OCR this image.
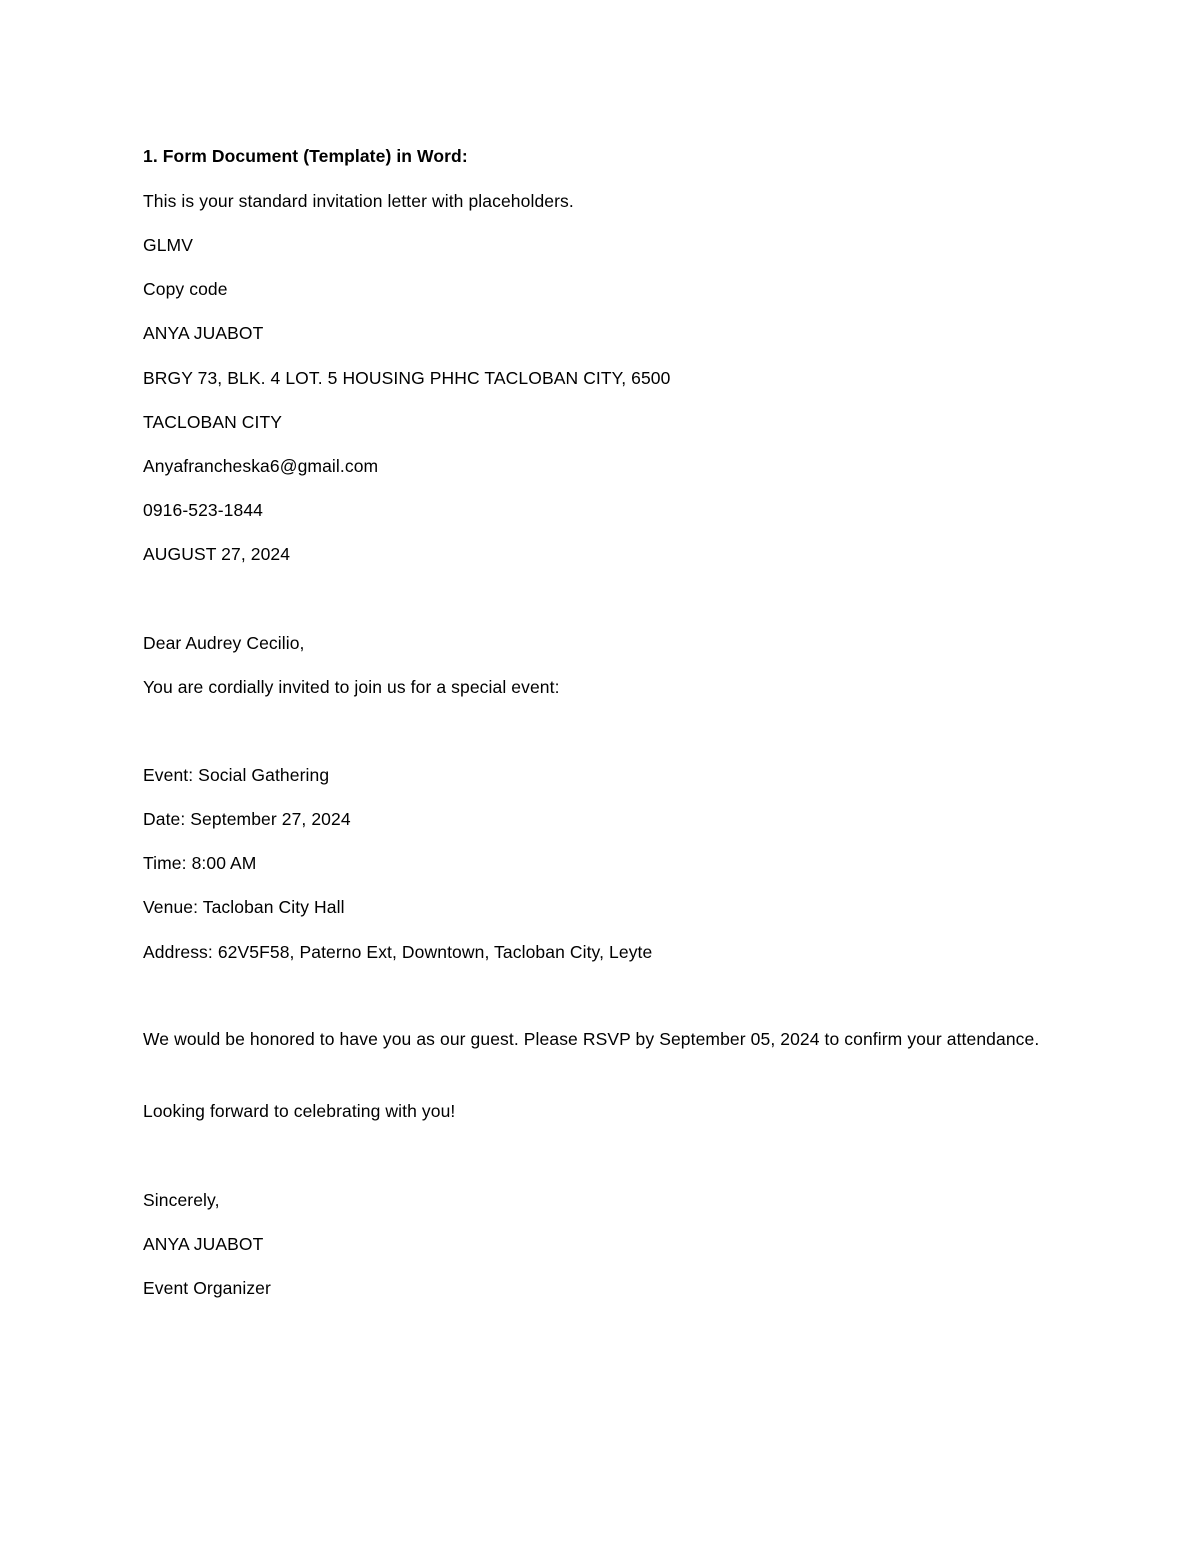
1. Form Document (Template) in Word:
This is your standard invitation letter with placeholders.
GLMV
Copy code
ANYA JUABOT
BRGY 73, BLK. 4 LOT. 5 HOUSING PHHC TACLOBAN CITY, 6500
TACLOBAN CITY
Anyafrancheska6@gmail.com
0916-523-1844
AUGUST 27, 2024
Dear Audrey Cecilio,
You are cordially invited to join us for a special event:
Event: Social Gathering
Date: September 27, 2024
Time: 8:00 AM
Venue: Tacloban City Hall
Address: 62V5F58, Paterno Ext, Downtown, Tacloban City, Leyte
We would be honored to have you as our guest. Please RSVP by September 05, 2024 to confirm your attendance.
Looking forward to celebrating with you!
Sincerely,
ANYA JUABOT
Event Organizer
